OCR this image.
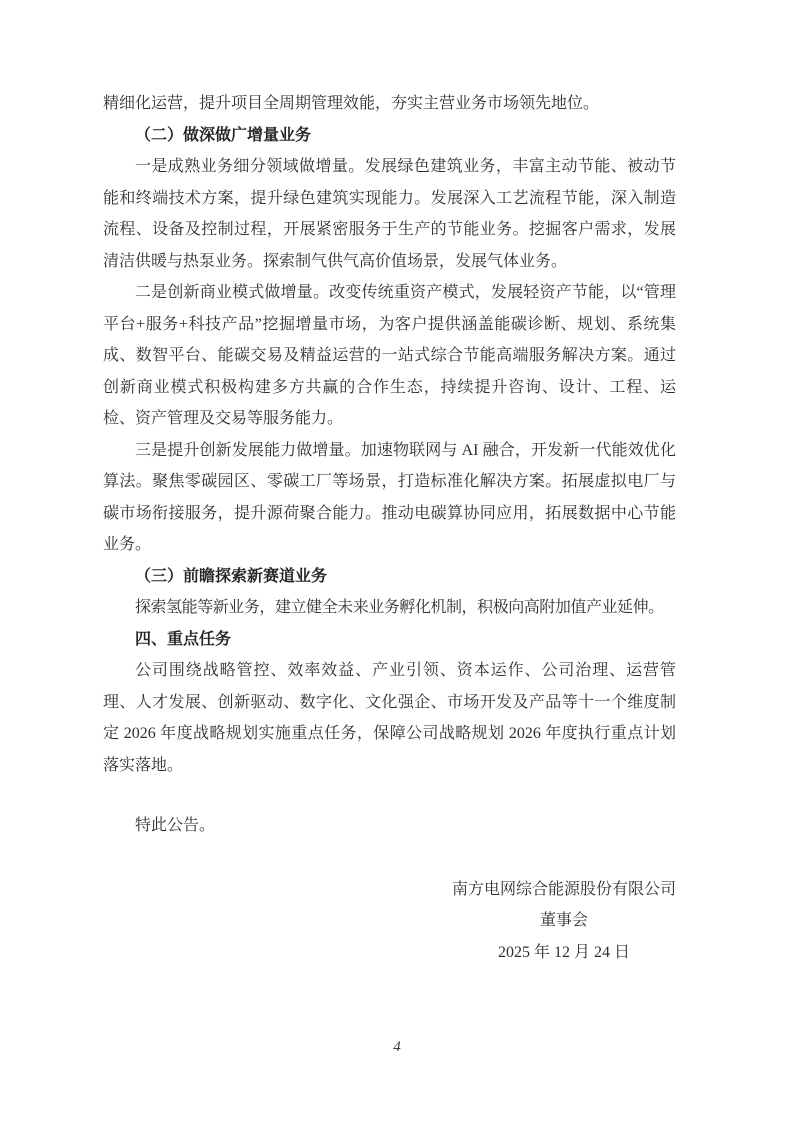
精细化运营，提升项目全周期管理效能，夯实主营业务市场领先地位。

（二）做深做广增量业务

一是成熟业务细分领域做增量。发展绿色建筑业务，丰富主动节能、被动节能和终端技术方案，提升绿色建筑实现能力。发展深入工艺流程节能，深入制造流程、设备及控制过程，开展紧密服务于生产的节能业务。挖掘客户需求，发展清洁供暖与热泵业务。探索制气供气高价值场景，发展气体业务。

二是创新商业模式做增量。改变传统重资产模式，发展轻资产节能，以“管理平台+服务+科技产品”挖掘增量市场，为客户提供涵盖能碳诊断、规划、系统集成、数智平台、能碳交易及精益运营的一站式综合节能高端服务解决方案。通过创新商业模式积极构建多方共赢的合作生态，持续提升咨询、设计、工程、运检、资产管理及交易等服务能力。

三是提升创新发展能力做增量。加速物联网与 AI 融合，开发新一代能效优化算法。聚焦零碳园区、零碳工厂等场景，打造标准化解决方案。拓展虚拟电厂与碳市场衔接服务，提升源荷聚合能力。推动电碳算协同应用，拓展数据中心节能业务。

（三）前瞻探索新赛道业务

探索氢能等新业务，建立健全未来业务孵化机制，积极向高附加值产业延伸。

四、重点任务

公司围绕战略管控、效率效益、产业引领、资本运作、公司治理、运营管理、人才发展、创新驱动、数字化、文化强企、市场开发及产品等十一个维度制定 2026 年度战略规划实施重点任务，保障公司战略规划 2026 年度执行重点计划落实落地。

特此公告。

南方电网综合能源股份有限公司
董事会
2025 年 12 月 24 日
4
